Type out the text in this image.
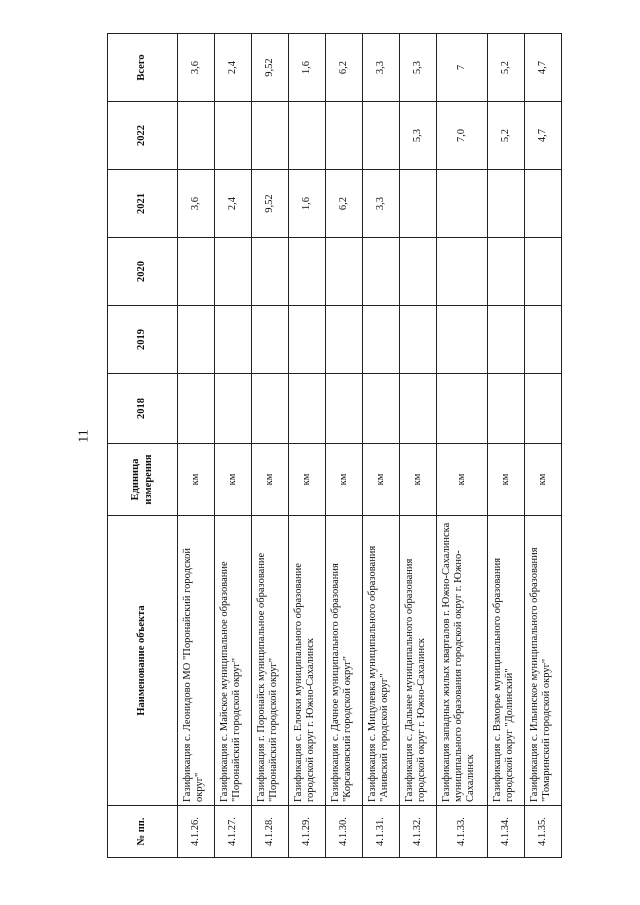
11
№ пп.	Наименование объекта	Единица измерения	2018	2019	2020	2021	2022	Всего
4.1.26.	Газификация с. Леонидово МО "Поронайский городской округ"	км				3,6		3,6
4.1.27.	Газификация с. Майское муниципальное образование "Поронайский городской округ"	км				2,4		2,4
4.1.28.	Газификация г. Поронайск муниципальное образование "Поронайский городской округ"	км				9,52		9,52
4.1.29.	Газификация с. Елочки муниципального образование городской округ г. Южно-Сахалинск	км				1,6		1,6
4.1.30.	Газификация с. Дачное муниципального образования "Корсаковский городской округ"	км				6,2		6,2
4.1.31.	Газификация с. Мицулевка муниципального образования "Анивский городской округ"	км				3,3		3,3
4.1.32.	Газификация с. Дальнее муниципального образования городской округ г. Южно-Сахалинск	км					5,3	5,3
4.1.33.	Газификация западных жилых кварталов г. Южно-Сахалинска муниципального образования городской округ г. Южно-Сахалинск	км					7,0	7
4.1.34.	Газификация с. Взморье муниципального образования городской округ "Долинский"	км					5,2	5,2
4.1.35.	Газификация с. Ильинское муниципального образования "Томаринский городской округ"	км					4,7	4,7
